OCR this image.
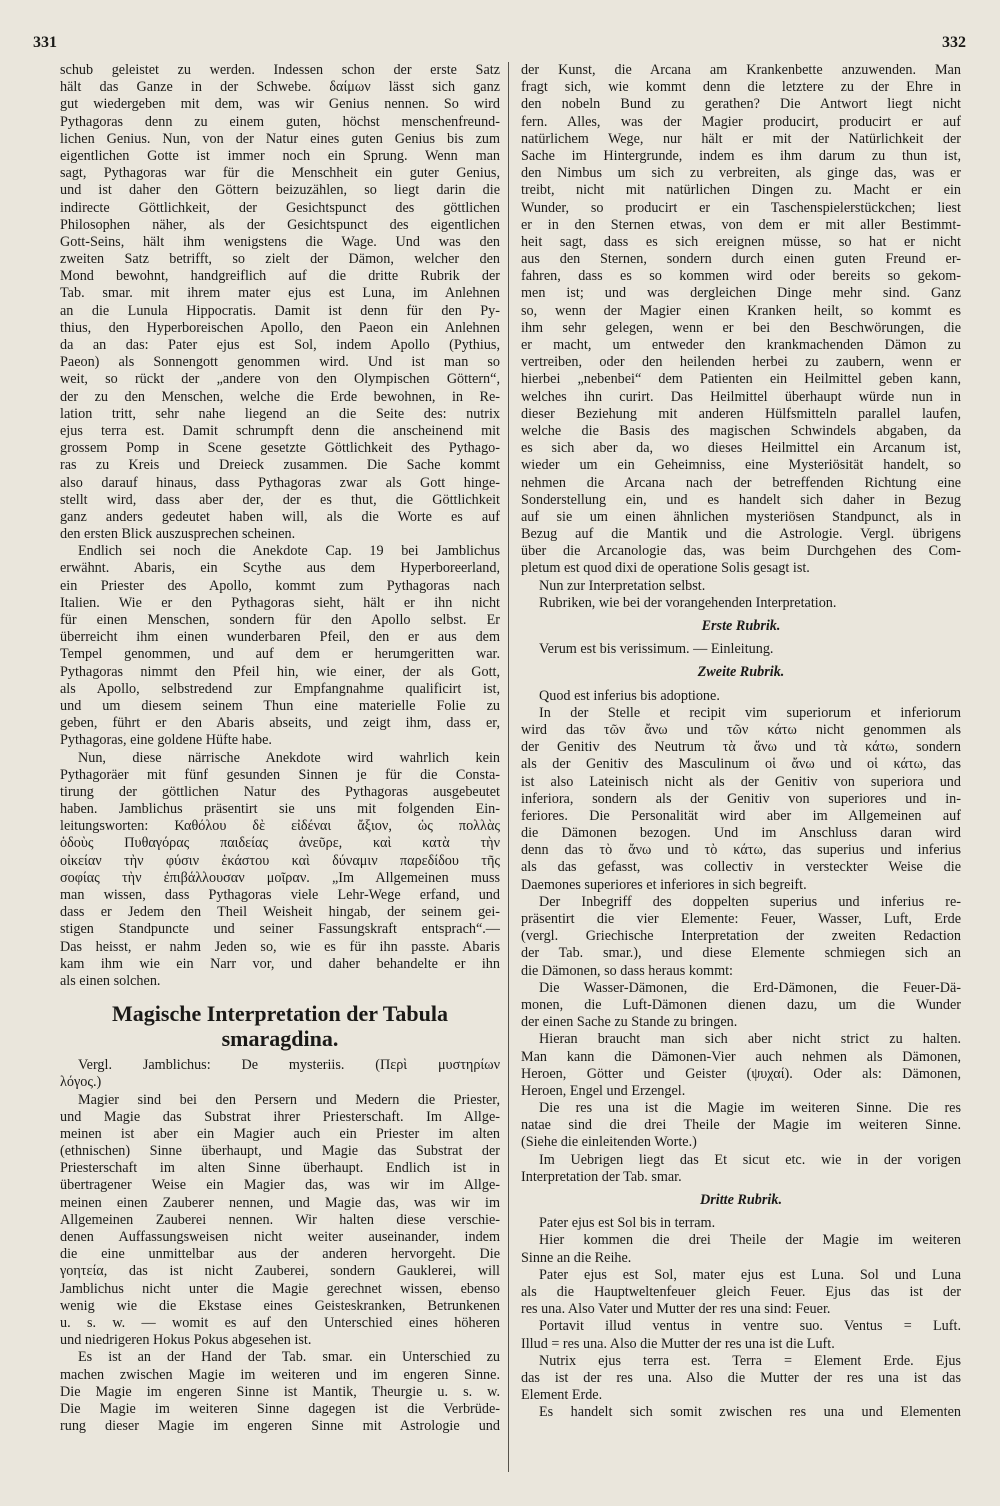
331	332
schub geleistet zu werden. Indessen schon der erste Satz
hält das Ganze in der Schwebe. δαίμων lässt sich ganz
gut wiedergeben mit dem, was wir Genius nennen. So wird
Pythagoras denn zu einem guten, höchst menschenfreund-
lichen Genius. Nun, von der Natur eines guten Genius bis zum
eigentlichen Gotte ist immer noch ein Sprung. Wenn man
sagt, Pythagoras war für die Menschheit ein guter Genius,
und ist daher den Göttern beizuzählen, so liegt darin die
indirecte Göttlichkeit, der Gesichtspunct des göttlichen
Philosophen näher, als der Gesichtspunct des eigentlichen
Gott-Seins, hält ihm wenigstens die Wage. Und was den
zweiten Satz betrifft, so zielt der Dämon, welcher den
Mond bewohnt, handgreiflich auf die dritte Rubrik der
Tab. smar. mit ihrem mater ejus est Luna, im Anlehnen
an die Lunula Hippocratis. Damit ist denn für den Py-
thius, den Hyperboreischen Apollo, den Paeon ein Anlehnen
da an das: Pater ejus est Sol, indem Apollo (Pythius,
Paeon) als Sonnengott genommen wird. Und ist man so
weit, so rückt der „andere von den Olympischen Göttern“,
der zu den Menschen, welche die Erde bewohnen, in Re-
lation tritt, sehr nahe liegend an die Seite des: nutrix
ejus terra est. Damit schrumpft denn die anscheinend mit
grossem Pomp in Scene gesetzte Göttlichkeit des Pythago-
ras zu Kreis und Dreieck zusammen. Die Sache kommt
also darauf hinaus, dass Pythagoras zwar als Gott hinge-
stellt wird, dass aber der, der es thut, die Göttlichkeit
ganz anders gedeutet haben will, als die Worte es auf
den ersten Blick auszusprechen scheinen.
Endlich sei noch die Anekdote Cap. 19 bei Jamblichus
erwähnt. Abaris, ein Scythe aus dem Hyperboreerland,
ein Priester des Apollo, kommt zum Pythagoras nach
Italien. Wie er den Pythagoras sieht, hält er ihn nicht
für einen Menschen, sondern für den Apollo selbst. Er
überreicht ihm einen wunderbaren Pfeil, den er aus dem
Tempel genommen, und auf dem er herumgeritten war.
Pythagoras nimmt den Pfeil hin, wie einer, der als Gott,
als Apollo, selbstredend zur Empfangnahme qualificirt ist,
und um diesem seinem Thun eine materielle Folie zu
geben, führt er den Abaris abseits, und zeigt ihm, dass er,
Pythagoras, eine goldene Hüfte habe.
Nun, diese närrische Anekdote wird wahrlich kein
Pythagoräer mit fünf gesunden Sinnen je für die Consta-
tirung der göttlichen Natur des Pythagoras ausgebeutet
haben. Jamblichus präsentirt sie uns mit folgenden Ein-
leitungsworten: Καθόλου δὲ εἰδέναι ἄξιον, ὡς πολλὰς
ὁδοὺς Πυθαγόρας παιδείας ἀνεῦρε, καὶ κατὰ τὴν
οἰκείαν τὴν φύσιν ἑκάστου καὶ δύναμιν παρεδίδου τῆς
σοφίας τὴν ἐπιβάλλουσαν μοῖραν. „Im Allgemeinen muss
man wissen, dass Pythagoras viele Lehr-Wege erfand, und
dass er Jedem den Theil Weisheit hingab, der seinem gei-
stigen Standpuncte und seiner Fassungskraft entsprach“.—
Das heisst, er nahm Jeden so, wie es für ihn passte. Abaris
kam ihm wie ein Narr vor, und daher behandelte er ihn
als einen solchen.
Magische Interpretation der Tabula
smaragdina.
Vergl. Jamblichus: De mysteriis. (Περὶ μυστηρίων
λόγος.)
Magier sind bei den Persern und Medern die Priester,
und Magie das Substrat ihrer Priesterschaft. Im Allge-
meinen ist aber ein Magier auch ein Priester im alten
(ethnischen) Sinne überhaupt, und Magie das Substrat der
Priesterschaft im alten Sinne überhaupt. Endlich ist in
übertragener Weise ein Magier das, was wir im Allge-
meinen einen Zauberer nennen, und Magie das, was wir im
Allgemeinen Zauberei nennen. Wir halten diese verschie-
denen Auffassungsweisen nicht weiter auseinander, indem
die eine unmittelbar aus der anderen hervorgeht. Die
γοητεία, das ist nicht Zauberei, sondern Gauklerei, will
Jamblichus nicht unter die Magie gerechnet wissen, ebenso
wenig wie die Ekstase eines Geisteskranken, Betrunkenen
u. s. w. — womit es auf den Unterschied eines höheren
und niedrigeren Hokus Pokus abgesehen ist.
Es ist an der Hand der Tab. smar. ein Unterschied zu
machen zwischen Magie im weiteren und im engeren Sinne.
Die Magie im engeren Sinne ist Mantik, Theurgie u. s. w.
Die Magie im weiteren Sinne dagegen ist die Verbrüde-
rung dieser Magie im engeren Sinne mit Astrologie und
der Kunst, die Arcana am Krankenbette anzuwenden. Man
fragt sich, wie kommt denn die letztere zu der Ehre in
den nobeln Bund zu gerathen? Die Antwort liegt nicht
fern. Alles, was der Magier producirt, producirt er auf
natürlichem Wege, nur hält er mit der Natürlichkeit der
Sache im Hintergrunde, indem es ihm darum zu thun ist,
den Nimbus um sich zu verbreiten, als ginge das, was er
treibt, nicht mit natürlichen Dingen zu. Macht er ein
Wunder, so producirt er ein Taschenspielerstückchen; liest
er in den Sternen etwas, von dem er mit aller Bestimmt-
heit sagt, dass es sich ereignen müsse, so hat er nicht
aus den Sternen, sondern durch einen guten Freund er-
fahren, dass es so kommen wird oder bereits so gekom-
men ist; und was dergleichen Dinge mehr sind. Ganz
so, wenn der Magier einen Kranken heilt, so kommt es
ihm sehr gelegen, wenn er bei den Beschwörungen, die
er macht, um entweder den krankmachenden Dämon zu
vertreiben, oder den heilenden herbei zu zaubern, wenn er
hierbei „nebenbei“ dem Patienten ein Heilmittel geben kann,
welches ihn curirt. Das Heilmittel überhaupt würde nun in
dieser Beziehung mit anderen Hülfsmitteln parallel laufen,
welche die Basis des magischen Schwindels abgaben, da
es sich aber da, wo dieses Heilmittel ein Arcanum ist,
wieder um ein Geheimniss, eine Mysteriösität handelt, so
nehmen die Arcana nach der betreffenden Richtung eine
Sonderstellung ein, und es handelt sich daher in Bezug
auf sie um einen ähnlichen mysteriösen Standpunct, als in
Bezug auf die Mantik und die Astrologie. Vergl. übrigens
über die Arcanologie das, was beim Durchgehen des Com-
pletum est quod dixi de operatione Solis gesagt ist.
Nun zur Interpretation selbst.
Rubriken, wie bei der vorangehenden Interpretation.
Erste Rubrik.
Verum est bis verissimum. — Einleitung.
Zweite Rubrik.
Quod est inferius bis adoptione.
In der Stelle et recipit vim superiorum et inferiorum
wird das τῶν ἄνω und τῶν κάτω nicht genommen als
der Genitiv des Neutrum τὰ ἄνω und τὰ κάτω, sondern
als der Genitiv des Masculinum οἱ ἄνω und οἱ κάτω, das
ist also Lateinisch nicht als der Genitiv von superiora und
inferiora, sondern als der Genitiv von superiores und in-
feriores. Die Personalität wird aber im Allgemeinen auf
die Dämonen bezogen. Und im Anschluss daran wird
denn das τὸ ἄνω und τὸ κάτω, das superius und inferius
als das gefasst, was collectiv in versteckter Weise die
Daemones superiores et inferiores in sich begreift.
Der Inbegriff des doppelten superius und inferius re-
präsentirt die vier Elemente: Feuer, Wasser, Luft, Erde
(vergl. Griechische Interpretation der zweiten Redaction
der Tab. smar.), und diese Elemente schmiegen sich an
die Dämonen, so dass heraus kommt:
Die Wasser-Dämonen, die Erd-Dämonen, die Feuer-Dä-
monen, die Luft-Dämonen dienen dazu, um die Wunder
der einen Sache zu Stande zu bringen.
Hieran braucht man sich aber nicht strict zu halten.
Man kann die Dämonen-Vier auch nehmen als Dämonen,
Heroen, Götter und Geister (ψυχαί). Oder als: Dämonen,
Heroen, Engel und Erzengel.
Die res una ist die Magie im weiteren Sinne. Die res
natae sind die drei Theile der Magie im weiteren Sinne.
(Siehe die einleitenden Worte.)
Im Uebrigen liegt das Et sicut etc. wie in der vorigen
Interpretation der Tab. smar.
Dritte Rubrik.
Pater ejus est Sol bis in terram.
Hier kommen die drei Theile der Magie im weiteren
Sinne an die Reihe.
Pater ejus est Sol, mater ejus est Luna. Sol und Luna
als die Hauptweltenfeuer gleich Feuer. Ejus das ist der
res una. Also Vater und Mutter der res una sind: Feuer.
Portavit illud ventus in ventre suo. Ventus = Luft.
Illud = res una. Also die Mutter der res una ist die Luft.
Nutrix ejus terra est. Terra = Element Erde. Ejus
das ist der res una. Also die Mutter der res una ist das
Element Erde.
Es handelt sich somit zwischen res una und Elementen
